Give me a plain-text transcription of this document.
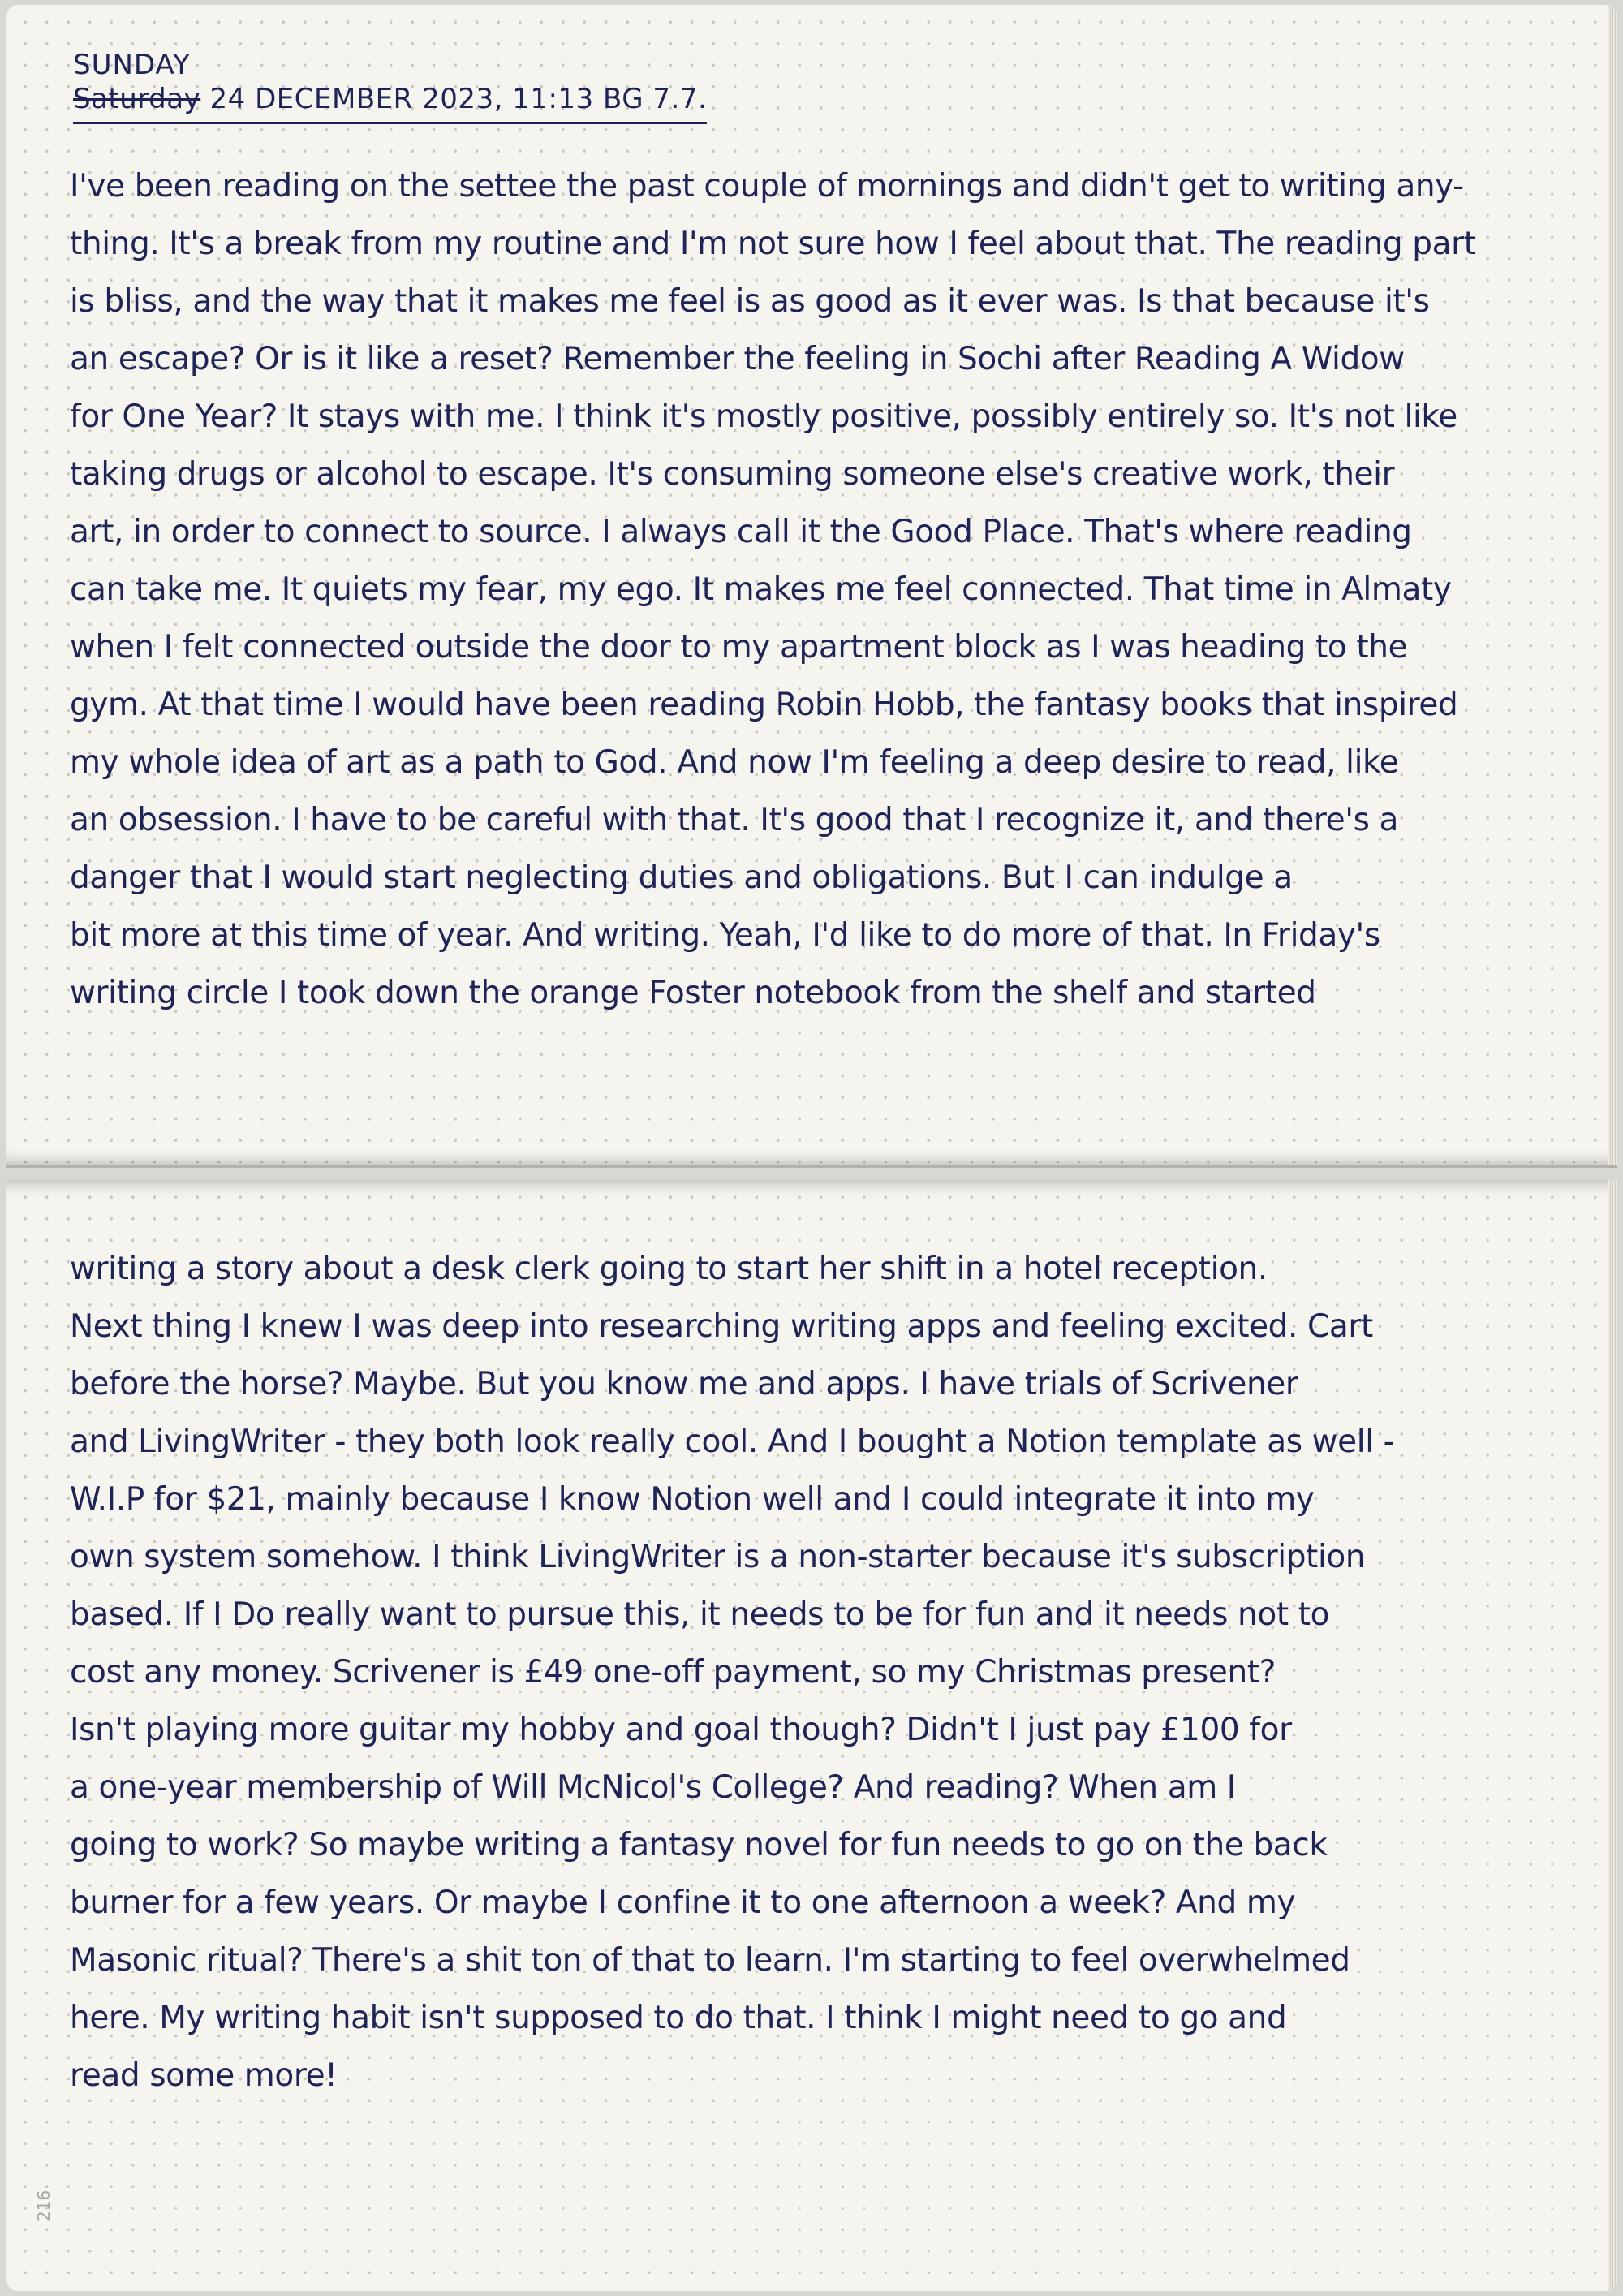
SUNDAY
Saturday 24 DECEMBER 2023, 11:13 BG 7.7.
I've been reading on the settee the past couple of mornings and didn't get to writing any-
thing. It's a break from my routine and I'm not sure how I feel about that. The reading part
is bliss, and the way that it makes me feel is as good as it ever was. Is that because it's
an escape? Or is it like a reset? Remember the feeling in Sochi after Reading A Widow
for One Year? It stays with me. I think it's mostly positive, possibly entirely so. It's not like
taking drugs or alcohol to escape. It's consuming someone else's creative work, their
art, in order to connect to source. I always call it the Good Place. That's where reading
can take me. It quiets my fear, my ego. It makes me feel connected. That time in Almaty
when I felt connected outside the door to my apartment block as I was heading to the
gym. At that time I would have been reading Robin Hobb, the fantasy books that inspired
my whole idea of art as a path to God. And now I'm feeling a deep desire to read, like
an obsession. I have to be careful with that. It's good that I recognize it, and there's a
danger that I would start neglecting duties and obligations. But I can indulge a
bit more at this time of year. And writing. Yeah, I'd like to do more of that. In Friday's
writing circle I took down the orange Foster notebook from the shelf and started
writing a story about a desk clerk going to start her shift in a hotel reception.
Next thing I knew I was deep into researching writing apps and feeling excited. Cart
before the horse? Maybe. But you know me and apps. I have trials of Scrivener
and LivingWriter - they both look really cool. And I bought a Notion template as well -
W.I.P for $21, mainly because I know Notion well and I could integrate it into my
own system somehow. I think LivingWriter is a non-starter because it's subscription
based. If I Do really want to pursue this, it needs to be for fun and it needs not to
cost any money. Scrivener is £49 one-off payment, so my Christmas present?
Isn't playing more guitar my hobby and goal though? Didn't I just pay £100 for
a one-year membership of Will McNicol's College? And reading? When am I
going to work? So maybe writing a fantasy novel for fun needs to go on the back
burner for a few years. Or maybe I confine it to one afternoon a week? And my
Masonic ritual? There's a shit ton of that to learn. I'm starting to feel overwhelmed
here. My writing habit isn't supposed to do that. I think I might need to go and
read some more!
216
